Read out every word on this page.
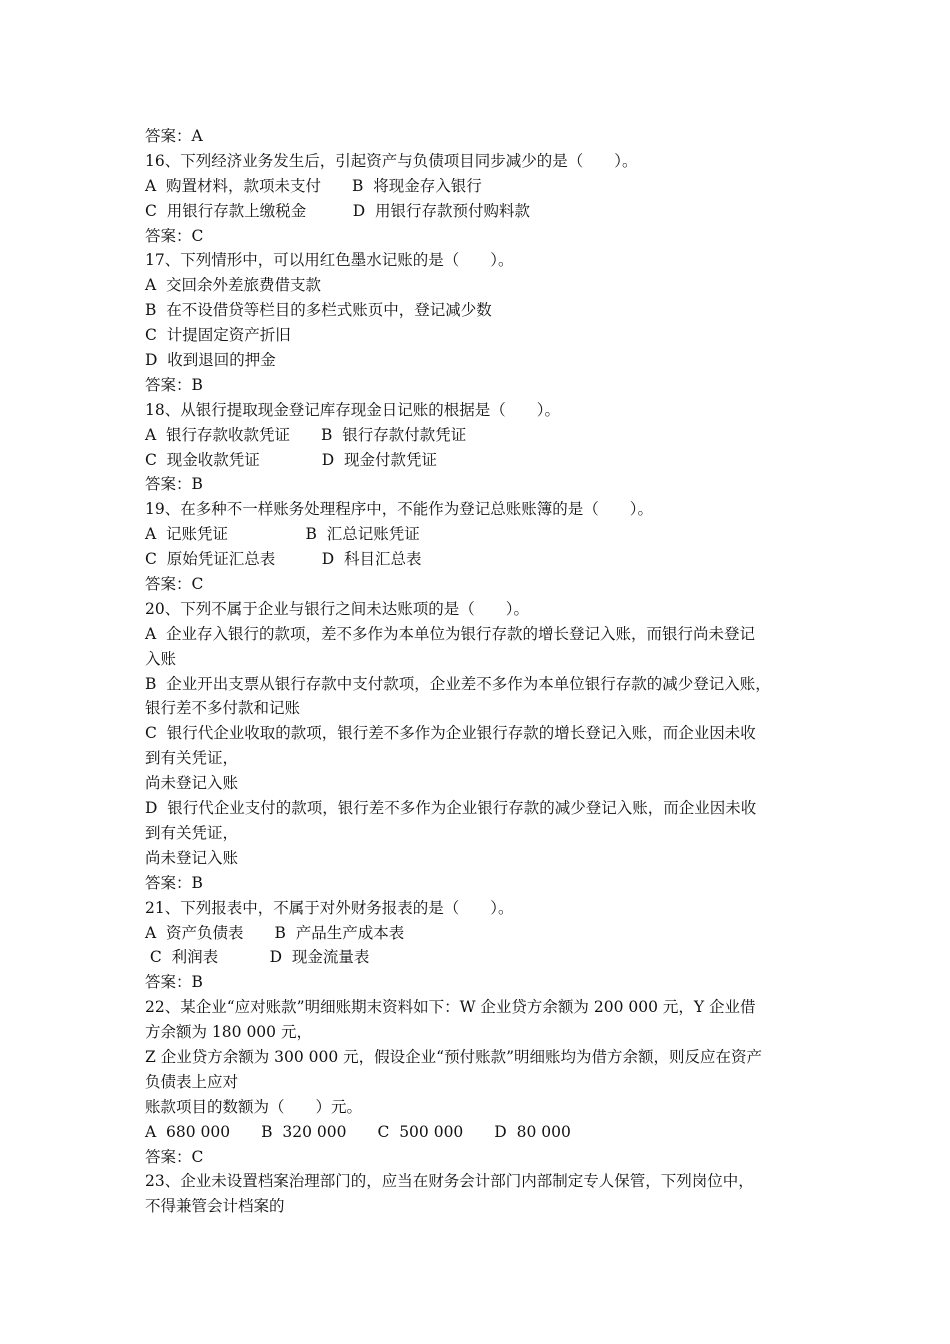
答案：A
16、下列经济业务发生后，引起资产与负债项目同步减少的是（　　）。
A  购置材料，款项未支付　　B  将现金存入银行
C  用银行存款上缴税金　　　D  用银行存款预付购料款
答案：C
17、下列情形中，可以用红色墨水记账的是（　　）。
A  交回余外差旅费借支款
B  在不设借贷等栏目的多栏式账页中，登记减少数
C  计提固定资产折旧
D  收到退回的押金
答案：B
18、从银行提取现金登记库存现金日记账的根据是（　　）。
A  银行存款收款凭证　　B  银行存款付款凭证
C  现金收款凭证　　　　D  现金付款凭证
答案：B
19、在多种不一样账务处理程序中，不能作为登记总账账簿的是（　　）。
A  记账凭证　　　　　B  汇总记账凭证
C  原始凭证汇总表　　　D  科目汇总表
答案：C
20、下列不属于企业与银行之间未达账项的是（　　）。
A  企业存入银行的款项，差不多作为本单位为银行存款的增长登记入账，而银行尚未登记
入账
B  企业开出支票从银行存款中支付款项，企业差不多作为本单位银行存款的减少登记入账，
银行差不多付款和记账
C  银行代企业收取的款项，银行差不多作为企业银行存款的增长登记入账，而企业因未收
到有关凭证，
尚未登记入账
D  银行代企业支付的款项，银行差不多作为企业银行存款的减少登记入账，而企业因未收
到有关凭证，
尚未登记入账
答案：B
21、下列报表中，不属于对外财务报表的是（　　）。
A  资产负债表　　B  产品生产成本表
C  利润表　　　 D  现金流量表
答案：B
22、某企业“应对账款”明细账期末资料如下：W 企业贷方余额为 200 000 元，Y 企业借
方余额为 180 000 元，
Z 企业贷方余额为 300 000 元，假设企业“预付账款”明细账均为借方余额，则反应在资产
负债表上应对
账款项目的数额为（　　）元。
A  680 000　　B  320 000　　C  500 000　　D  80 000
答案：C
23、企业未设置档案治理部门的，应当在财务会计部门内部制定专人保管，下列岗位中，
不得兼管会计档案的
